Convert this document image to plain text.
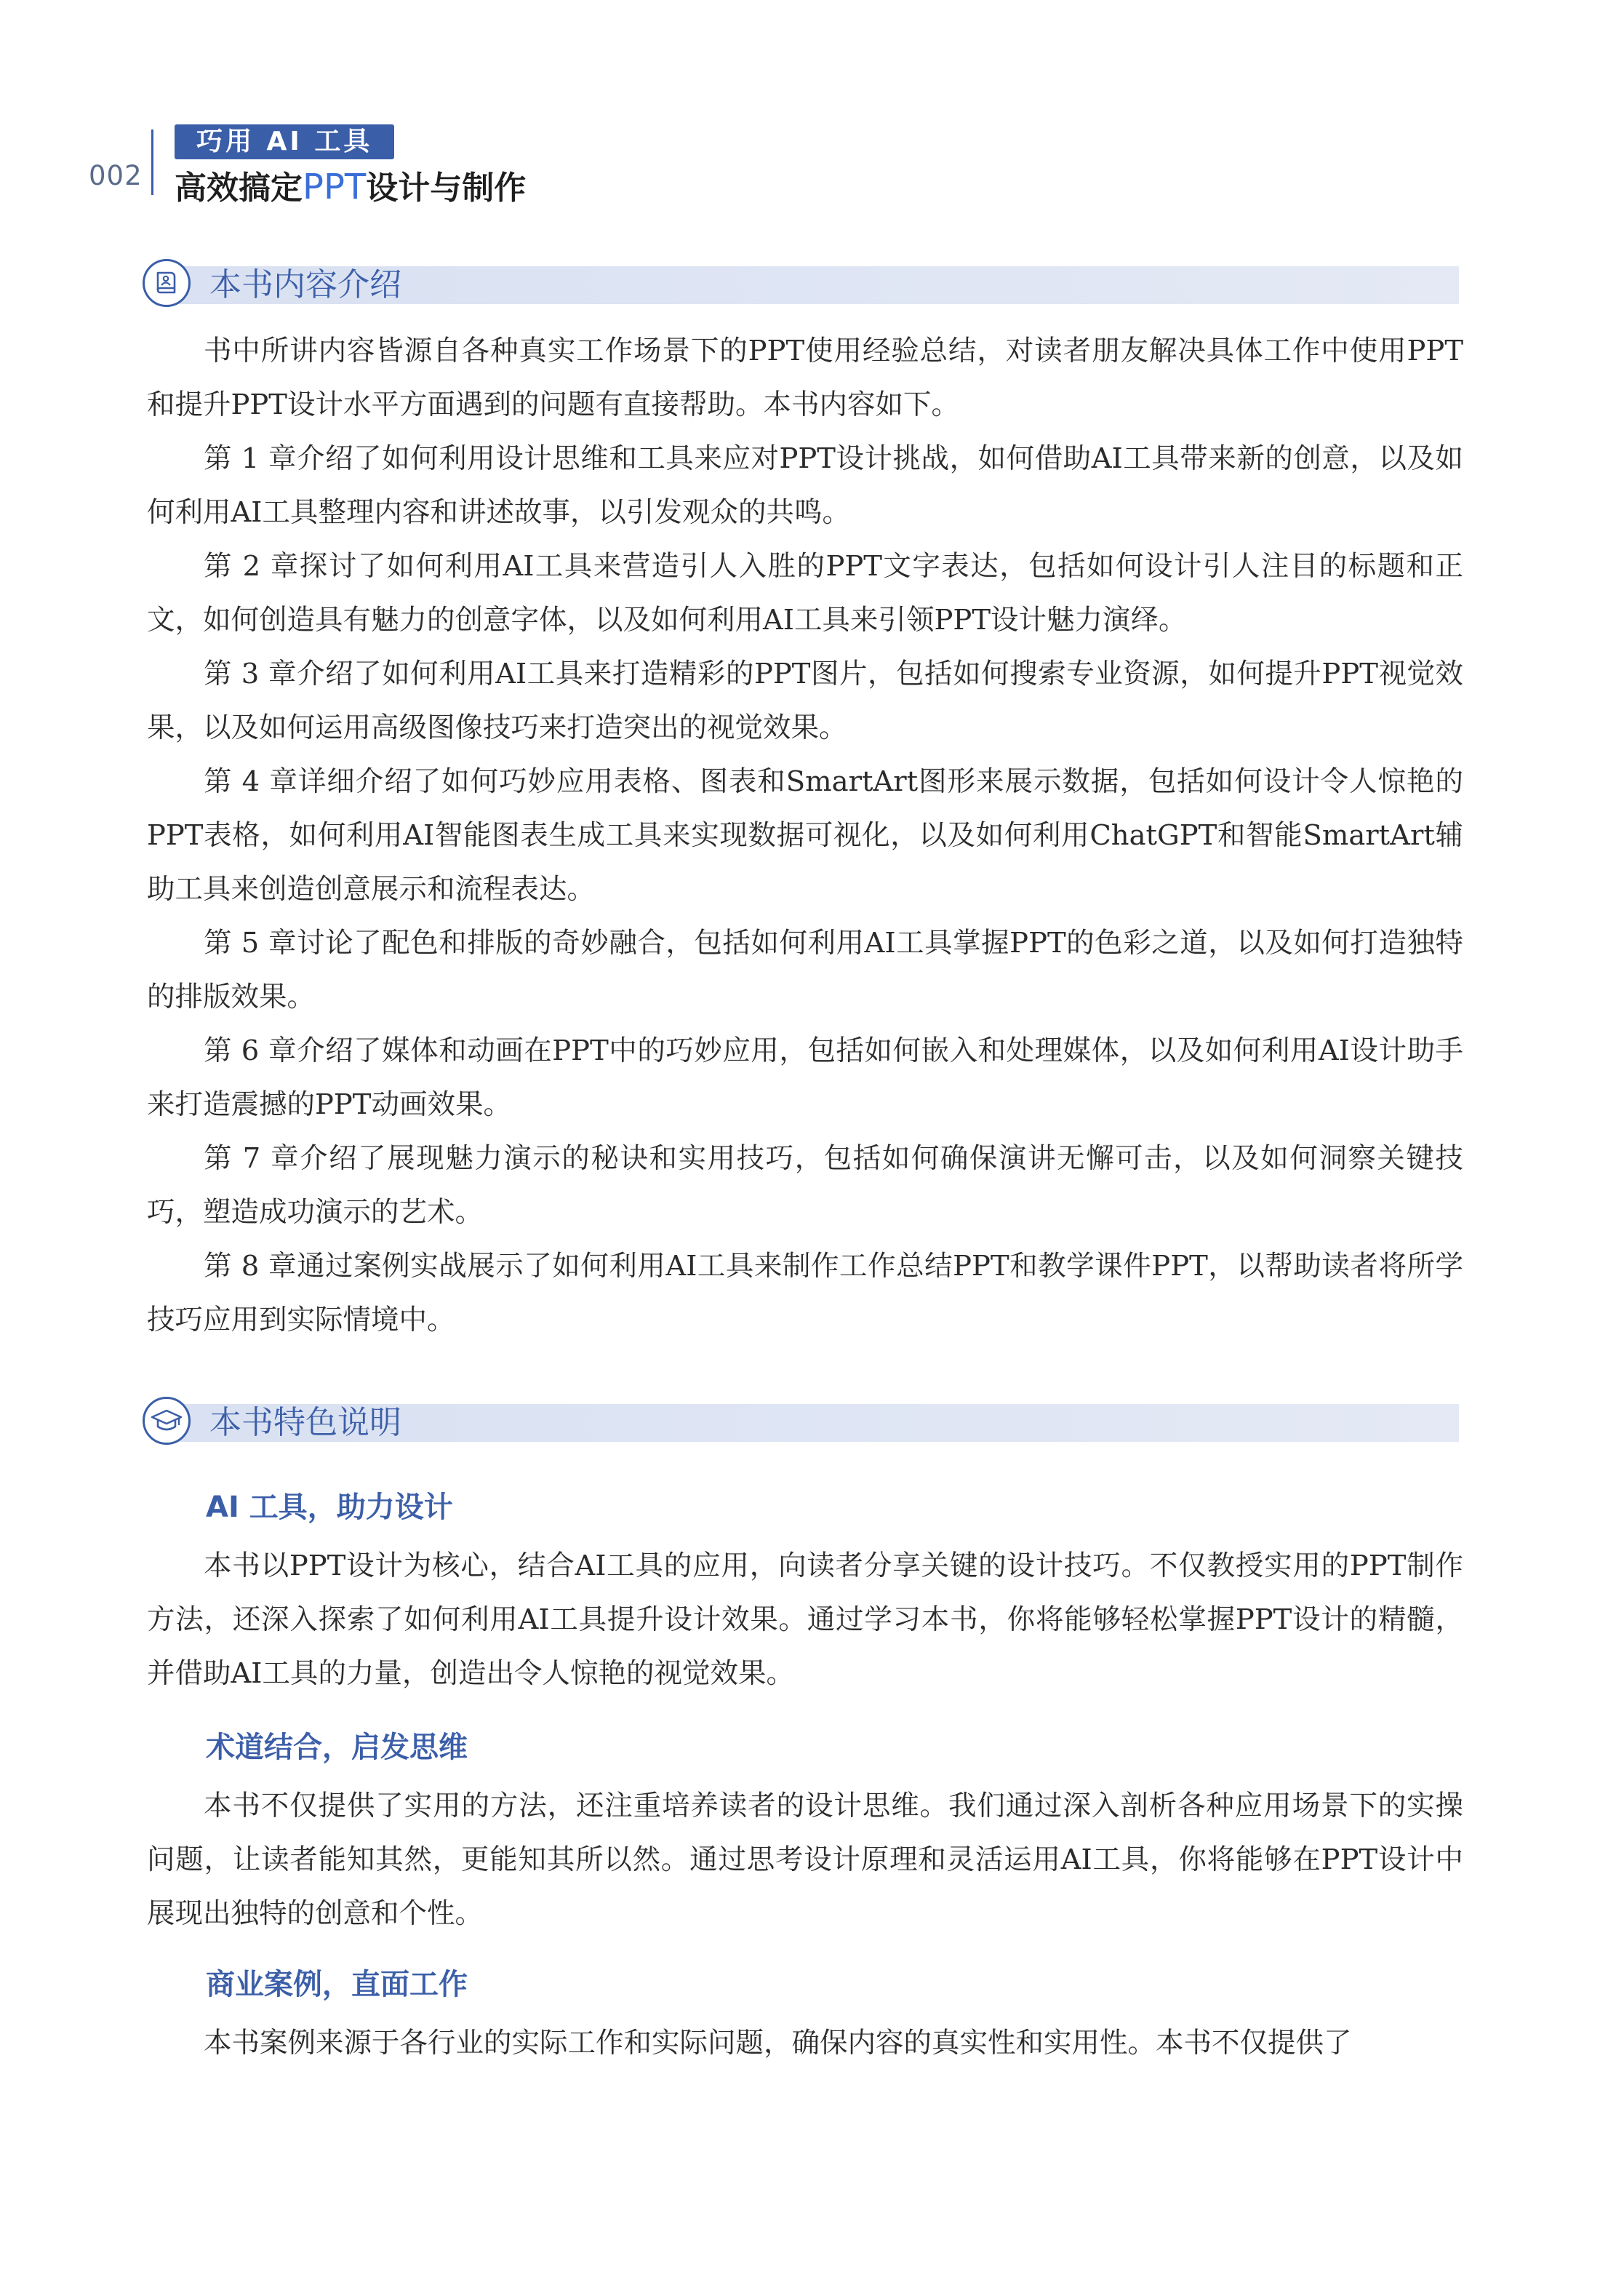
002
巧用 AI 工具
高效搞定PPT设计与制作
本书内容介绍

书中所讲内容皆源自各种真实工作场景下的PPT使用经验总结，对读者朋友解决具体工作中使用PPT和提升PPT设计水平方面遇到的问题有直接帮助。本书内容如下。

第 1 章介绍了如何利用设计思维和工具来应对PPT设计挑战，如何借助AI工具带来新的创意，以及如何利用AI工具整理内容和讲述故事，以引发观众的共鸣。

第 2 章探讨了如何利用AI工具来营造引人入胜的PPT文字表达，包括如何设计引人注目的标题和正文，如何创造具有魅力的创意字体，以及如何利用AI工具来引领PPT设计魅力演绎。

第 3 章介绍了如何利用AI工具来打造精彩的PPT图片，包括如何搜索专业资源，如何提升PPT视觉效果，以及如何运用高级图像技巧来打造突出的视觉效果。

第 4 章详细介绍了如何巧妙应用表格、图表和SmartArt图形来展示数据，包括如何设计令人惊艳的PPT表格，如何利用AI智能图表生成工具来实现数据可视化，以及如何利用ChatGPT和智能SmartArt辅助工具来创造创意展示和流程表达。

第 5 章讨论了配色和排版的奇妙融合，包括如何利用AI工具掌握PPT的色彩之道，以及如何打造独特的排版效果。

第 6 章介绍了媒体和动画在PPT中的巧妙应用，包括如何嵌入和处理媒体，以及如何利用AI设计助手来打造震撼的PPT动画效果。

第 7 章介绍了展现魅力演示的秘诀和实用技巧，包括如何确保演讲无懈可击，以及如何洞察关键技巧，塑造成功演示的艺术。

第 8 章通过案例实战展示了如何利用AI工具来制作工作总结PPT和教学课件PPT，以帮助读者将所学技巧应用到实际情境中。

本书特色说明
AI 工具，助力设计

本书以PPT设计为核心，结合AI工具的应用，向读者分享关键的设计技巧。不仅教授实用的PPT制作方法，还深入探索了如何利用AI工具提升设计效果。通过学习本书，你将能够轻松掌握PPT设计的精髓，并借助AI工具的力量，创造出令人惊艳的视觉效果。

术道结合，启发思维

本书不仅提供了实用的方法，还注重培养读者的设计思维。我们通过深入剖析各种应用场景下的实操问题，让读者能知其然，更能知其所以然。通过思考设计原理和灵活运用AI工具，你将能够在PPT设计中展现出独特的创意和个性。

商业案例，直面工作

本书案例来源于各行业的实际工作和实际问题，确保内容的真实性和实用性。本书不仅提供了
